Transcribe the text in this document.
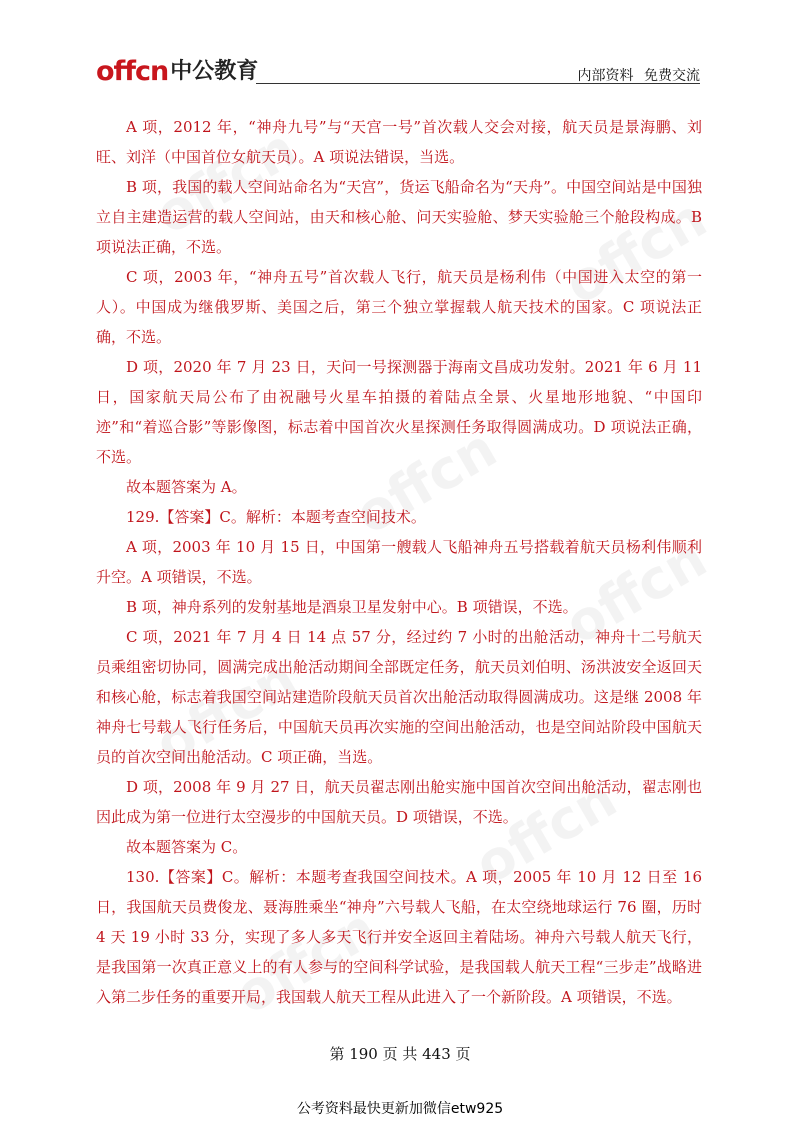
offcn 中公教育	内部资料 免费交流

A 项，2012 年，“神舟九号”与“天宫一号”首次载人交会对接，航天员是景海鹏、刘旺、刘洋（中国首位女航天员）。A 项说法错误，当选。

B 项，我国的载人空间站命名为“天宫”，货运飞船命名为“天舟”。中国空间站是中国独立自主建造运营的载人空间站，由天和核心舱、问天实验舱、梦天实验舱三个舱段构成。B 项说法正确，不选。

C 项，2003 年，“神舟五号”首次载人飞行，航天员是杨利伟（中国进入太空的第一人）。中国成为继俄罗斯、美国之后，第三个独立掌握载人航天技术的国家。C 项说法正确，不选。

D 项，2020 年 7 月 23 日，天问一号探测器于海南文昌成功发射。2021 年 6 月 11 日，国家航天局公布了由祝融号火星车拍摄的着陆点全景、火星地形地貌、“中国印迹”和“着巡合影”等影像图，标志着中国首次火星探测任务取得圆满成功。D 项说法正确，不选。

故本题答案为 A。

129.【答案】C。解析：本题考查空间技术。

A 项，2003 年 10 月 15 日，中国第一艘载人飞船神舟五号搭载着航天员杨利伟顺利升空。A 项错误，不选。

B 项，神舟系列的发射基地是酒泉卫星发射中心。B 项错误，不选。

C 项，2021 年 7 月 4 日 14 点 57 分，经过约 7 小时的出舱活动，神舟十二号航天员乘组密切协同，圆满完成出舱活动期间全部既定任务，航天员刘伯明、汤洪波安全返回天和核心舱，标志着我国空间站建造阶段航天员首次出舱活动取得圆满成功。这是继 2008 年神舟七号载人飞行任务后，中国航天员再次实施的空间出舱活动，也是空间站阶段中国航天员的首次空间出舱活动。C 项正确，当选。

D 项，2008 年 9 月 27 日，航天员翟志刚出舱实施中国首次空间出舱活动，翟志刚也因此成为第一位进行太空漫步的中国航天员。D 项错误，不选。

故本题答案为 C。

130.【答案】C。解析：本题考查我国空间技术。A 项，2005 年 10 月 12 日至 16 日，我国航天员费俊龙、聂海胜乘坐“神舟”六号载人飞船，在太空绕地球运行 76 圈，历时 4 天 19 小时 33 分，实现了多人多天飞行并安全返回主着陆场。神舟六号载人航天飞行，是我国第一次真正意义上的有人参与的空间科学试验，是我国载人航天工程“三步走”战略进入第二步任务的重要开局，我国载人航天工程从此进入了一个新阶段。A 项错误，不选。

第 190 页 共 443 页
公考资料最快更新加微信etw925
